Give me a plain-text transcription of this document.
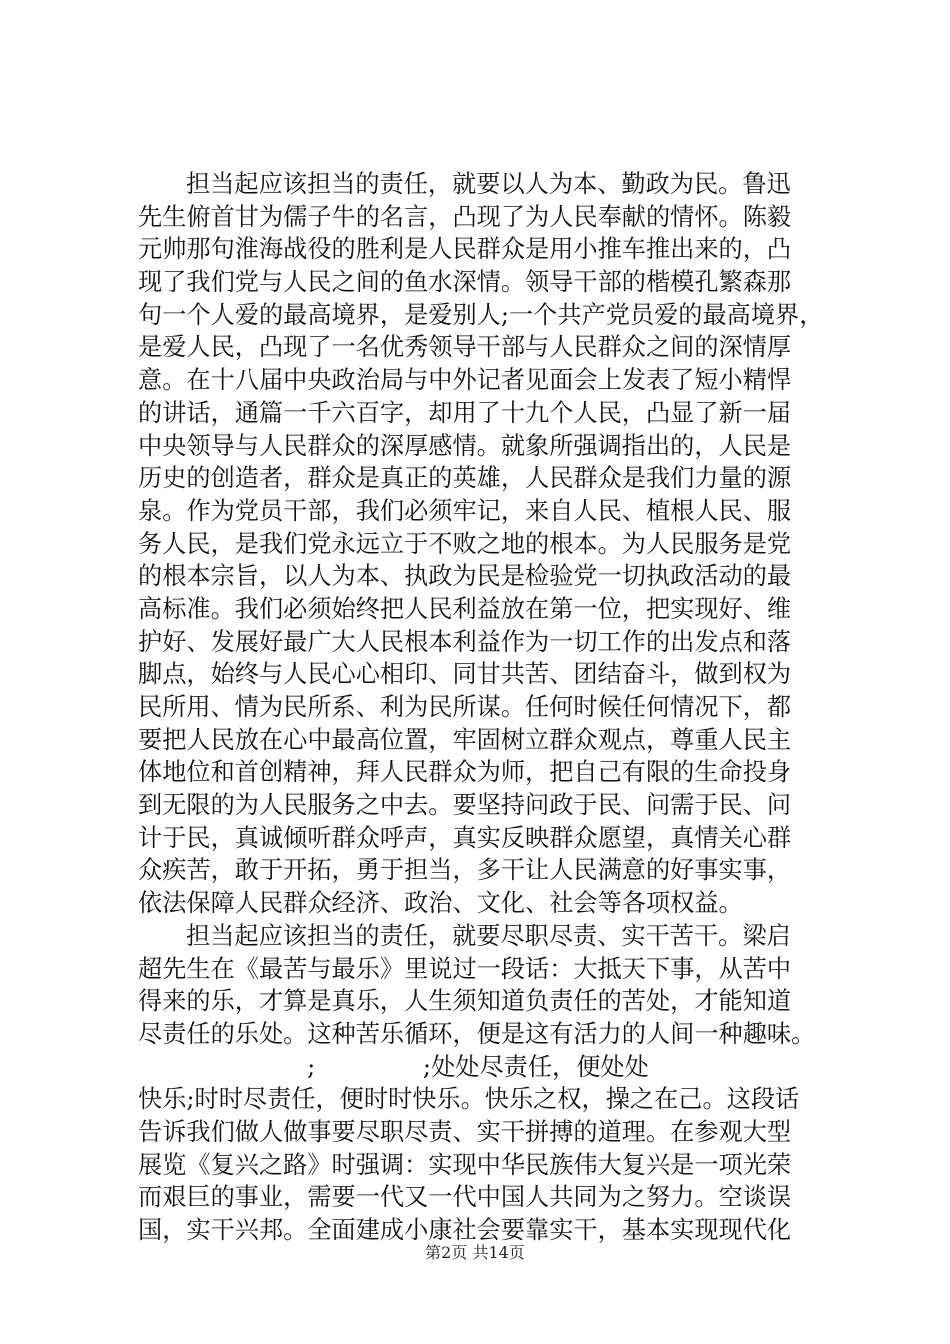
担当起应该担当的责任，就要以人为本、勤政为民。鲁迅
先生俯首甘为儒子牛的名言，凸现了为人民奉献的情怀。陈毅
元帅那句淮海战役的胜利是人民群众是用小推车推出来的，凸
现了我们党与人民之间的鱼水深情。领导干部的楷模孔繁森那
句一个人爱的最高境界，是爱别人;一个共产党员爱的最高境界，
是爱人民，凸现了一名优秀领导干部与人民群众之间的深情厚
意。在十八届中央政治局与中外记者见面会上发表了短小精悍
的讲话，通篇一千六百字，却用了十九个人民，凸显了新一届
中央领导与人民群众的深厚感情。就象所强调指出的，人民是
历史的创造者，群众是真正的英雄，人民群众是我们力量的源
泉。作为党员干部，我们必须牢记，来自人民、植根人民、服
务人民，是我们党永远立于不败之地的根本。为人民服务是党
的根本宗旨，以人为本、执政为民是检验党一切执政活动的最
高标准。我们必须始终把人民利益放在第一位，把实现好、维
护好、发展好最广大人民根本利益作为一切工作的出发点和落
脚点，始终与人民心心相印、同甘共苦、团结奋斗，做到权为
民所用、情为民所系、利为民所谋。任何时候任何情况下，都
要把人民放在心中最高位置，牢固树立群众观点，尊重人民主
体地位和首创精神，拜人民群众为师，把自己有限的生命投身
到无限的为人民服务之中去。要坚持问政于民、问需于民、问
计于民，真诚倾听群众呼声，真实反映群众愿望，真情关心群
众疾苦，敢于开拓，勇于担当，多干让人民满意的好事实事，
依法保障人民群众经济、政治、文化、社会等各项权益。
担当起应该担当的责任，就要尽职尽责、实干苦干。梁启
超先生在《最苦与最乐》里说过一段话：大抵天下事，从苦中
得来的乐，才算是真乐，人生须知道负责任的苦处，才能知道
尽责任的乐处。这种苦乐循环，便是这有活力的人间一种趣味。
;              ;处处尽责任，便处处
快乐;时时尽责任，便时时快乐。快乐之权，操之在己。这段话
告诉我们做人做事要尽职尽责、实干拼搏的道理。在参观大型
展览《复兴之路》时强调：实现中华民族伟大复兴是一项光荣
而艰巨的事业，需要一代又一代中国人共同为之努力。空谈误
国，实干兴邦。全面建成小康社会要靠实干，基本实现现代化
第2页 共14页
